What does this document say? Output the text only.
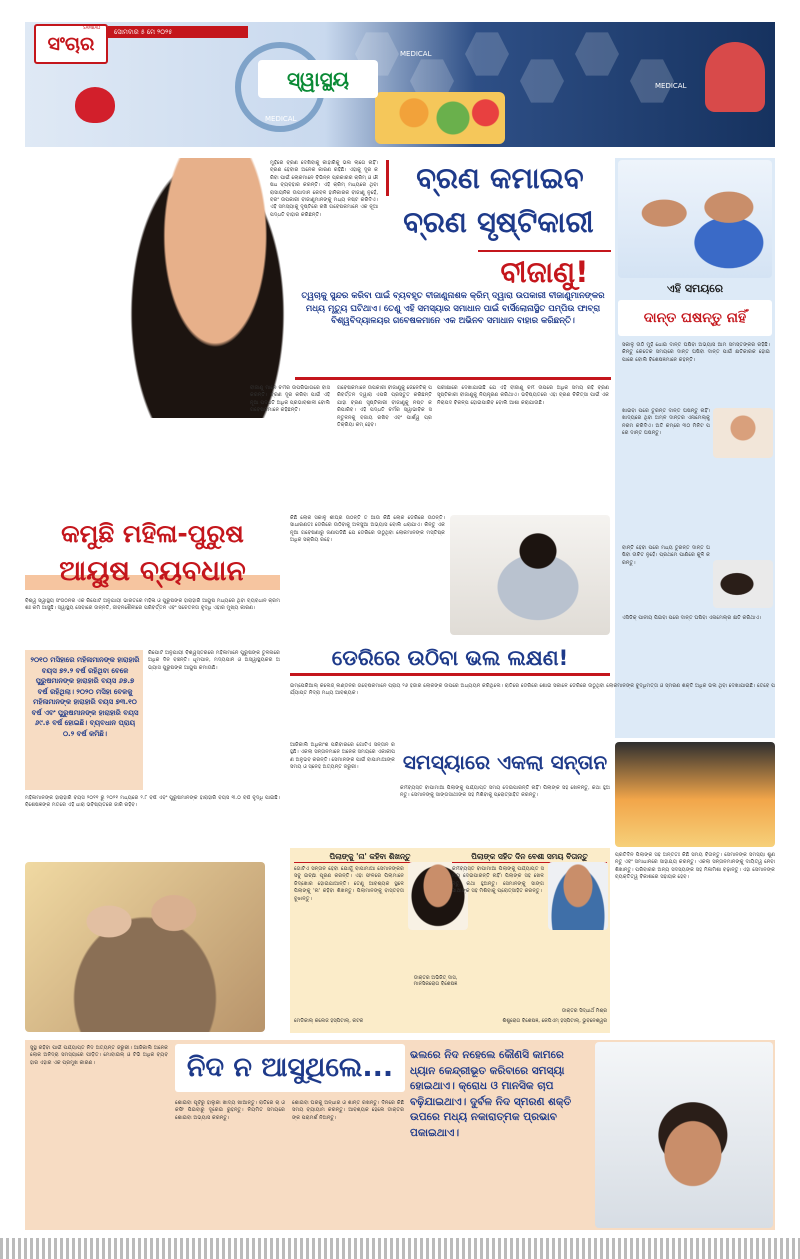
MEDICAL
MEDICAL
MEDICAL
ସଂଚାର
SAMBAD
ସୋମବାର ୫ ମେ ୨୦୨୫
ସ୍ୱାସ୍ଥ୍ୟ
ମୁହଁରେ ବ୍ରଣ ଦେଖିବାକୁ କାହାରିକୁ ଭଲ ଲାଗେ ନାହିଁ। ବ୍ରଣ ହେବାର ଅନେକ କାରଣ ରହିଛି। ଏହାକୁ ଦୂର କରିବା ପାଇଁ ଲୋକମାନେ ବିଭିନ୍ନ ପ୍ରକାରର କ୍ରିମ୍ ଓ ଔଷଧ ବ୍ୟବହାର କରନ୍ତି। ଏହି କ୍ରିମ୍ ମଧ୍ୟରେ ଥିବା ରାସାୟନିକ ଉପାଦାନ କେବଳ ହାନିକାରକ ବୀଜାଣୁ ନୁହେଁ, ବରଂ ଉପକାରୀ ବୀଜାଣୁମାନଙ୍କୁ ମଧ୍ୟ ନଷ୍ଟ କରିଦିଏ। ଏହି ସମସ୍ୟାକୁ ଦୃଷ୍ଟିରେ ରଖି ଗବେଷକମାନେ ଏକ ନୂଆ ପଦ୍ଧତି ବାହାର କରିଛନ୍ତି।
ବ୍ରଣ କମାଇବ
ବ୍ରଣ ସୃଷ୍ଟିକାରୀ
ବୀଜାଣୁ!
ତ୍ୱଚାକୁ ସୁନ୍ଦର କରିବା ପାଇଁ ବ୍ୟବହୃତ ବୀଜାଣୁନାଶକ କ୍ରିମ୍ ଦ୍ୱାରା ଉପକାରୀ ବୀଜାଣୁମାନଙ୍କର ମଧ୍ୟ ମୃତ୍ୟୁ ଘଟିଥାଏ। ତେଣୁ ଏହି ସମସ୍ୟାର ସମାଧାନ ପାଇଁ ବାର୍ସିଲୋନାସ୍ଥିତ ପମ୍ପିଉ ଫାବ୍ରା ବିଶ୍ୱବିଦ୍ୟାଳୟର ଗବେଷକମାନେ ଏକ ଅଭିନବ ସମାଧାନ ବାହାର କରିଛନ୍ତି।
ବୀଜାଣୁ ମାନେ ଚର୍ମର ଉପରିଭାଗରେ ବାସ କରନ୍ତି। ବ୍ରଣ ଦୂର କରିବା ପାଇଁ ଏହି ନୂଆ ପଦ୍ଧତି ଅଧିକ ପ୍ରଭାବଶାଳୀ ବୋଲି ଗବେଷକମାନେ କହିଛନ୍ତି।
ଗବେଷକମାନେ ଉପକାରୀ ବୀଜାଣୁକୁ ଜେନେଟିକ୍ ପରିବର୍ତ୍ତନ ଦ୍ୱାରା ଏପରି ପ୍ରସ୍ତୁତ କରିଛନ୍ତି ଯାହା ବ୍ରଣ ସୃଷ୍ଟିକାରୀ ବୀଜାଣୁକୁ ନଷ୍ଟ କରିପାରିବ। ଏହି ପଦ୍ଧତି ଚର୍ମର ସ୍ୱାଭାବିକ ସନ୍ତୁଳନକୁ ବଜାୟ ରଖିବ ଏବଂ ପାର୍ଶ୍ୱ ପ୍ରତିକ୍ରିୟା କମ୍ ହେବ।
ପରୀକ୍ଷାରେ ଦେଖାଯାଇଛି ଯେ ଏହି ବୀଜାଣୁ ଚର୍ମ ଉପରେ ଅଧିକ ସମୟ ରହି ବ୍ରଣ ସୃଷ୍ଟିକାରୀ ବୀଜାଣୁକୁ ନିୟନ୍ତ୍ରଣ କରିଥାଏ। ଭବିଷ୍ୟତରେ ଏହା ବ୍ରଣ ଚିକିତ୍ସା ପାଇଁ ଏକ ନିରାପଦ ବିକଳ୍ପ ହୋଇପାରିବ ବୋଲି ଆଶା କରାଯାଉଛି।
ଏହି ସମୟରେ
ଦାନ୍ତ ଘଷନ୍ତୁ ନାହିଁ
ସକାଳୁ ଉଠି ମୁହଁ ଧୋଇ ଦାନ୍ତ ଘଷିବା ଅଭ୍ୟାସ ଆମ ସମସ୍ତଙ୍କର ରହିଛି। କିନ୍ତୁ କେତେକ ସମୟରେ ଦାନ୍ତ ଘଷିବା ଦାନ୍ତ ପାଇଁ କ୍ଷତିକାରକ ହୋଇପାରେ ବୋଲି ବିଶେଷଜ୍ଞମାନେ କହନ୍ତି।
ଖାଇବା ପରେ ତୁରନ୍ତ ଦାନ୍ତ ଘଷନ୍ତୁ ନାହିଁ। ଖାଦ୍ୟରେ ଥିବା ଅମ୍ଳ ଦାନ୍ତର ଏନାମେଲ୍‌କୁ ନରମ କରିଦିଏ। ଅତି କମ୍‌ରେ ୩୦ ମିନିଟ ପରେ ଦାନ୍ତ ଘଷନ୍ତୁ।
ବାନ୍ତି ହେବା ପରେ ମଧ୍ୟ ତୁରନ୍ତ ଦାନ୍ତ ଘଷିବା ଉଚିତ ନୁହେଁ। ପ୍ରଥମେ ପାଣିରେ କୁଳି କରନ୍ତୁ।
ଏସିଡିକ୍ ପାନୀୟ ପିଇବା ପରେ ଦାନ୍ତ ଘଷିବା ଏନାମେଲ୍‌ର କ୍ଷତି କରିଥାଏ।
କମୁଛି ମହିଳା-ପୁରୁଷ
ଆୟୁଷ ବ୍ୟବଧାନ
ବିଶ୍ୱ ସ୍ୱାସ୍ଥ୍ୟ ସଂଗଠନର ଏକ ରିପୋର୍ଟ ଅନୁଯାୟୀ ଭାରତରେ ମହିଳା ଓ ପୁରୁଷଙ୍କ ହାରାହାରି ଆୟୁଷ ମଧ୍ୟରେ ଥିବା ବ୍ୟବଧାନ କ୍ରମଶଃ କମି ଆସୁଛି। ସ୍ୱାସ୍ଥ୍ୟ ସେବାରେ ଉନ୍ନତି, ଜୀବନଶୈଳୀରେ ପରିବର୍ତ୍ତନ ଏବଂ ସଚେତନତା ବୃଦ୍ଧି ଏହାର ମୁଖ୍ୟ କାରଣ।
୨୦୧୦ ମସିହାରେ ମହିଳାମାନଙ୍କ ହାରାହାରି ବୟସ ୭୨.୨ ବର୍ଷ ରହିଥିବା ବେଳେ ପୁରୁଷମାନଙ୍କ ହାରାହାରି ବୟସ ୬୭.୭ ବର୍ଷ ରହିଥିଲା। ୨୦୨୦ ମସିହା ବେଳକୁ ମହିଳାମାନଙ୍କ ହାରାହାରି ବୟସ ୭୩.୧୦ ବର୍ଷ ଏବଂ ପୁରୁଷମାନଙ୍କ ହାରାହାରି ବୟସ ୬୯.୫ ବର୍ଷ ହୋଇଛି। ବ୍ୟବଧାନ ପ୍ରାୟ ୦.୨ ବର୍ଷ କମିଛି।
ରିପୋର୍ଟ ଅନୁଯାୟୀ ବିଶ୍ୱସ୍ତରରେ ମହିଳାମାନେ ପୁରୁଷଙ୍କ ତୁଳନାରେ ଅଧିକ ଦିନ ବଞ୍ଚନ୍ତି। ଧୂମପାନ, ମଦ୍ୟପାନ ଓ ଅସ୍ୱାସ୍ଥ୍ୟକର ଅଭ୍ୟାସ ପୁରୁଷଙ୍କ ଆୟୁଷ କମାଉଛି।
ମହିଳାମାନଙ୍କ ହାରାହାରି ବୟସ ୨୦୧୧ ରୁ ୨୦୨୧ ମଧ୍ୟରେ ୨.୮ ବର୍ଷ ଏବଂ ପୁରୁଷମାନଙ୍କ ହାରାହାରି ବୟସ ୩.୦ ବର୍ଷ ବୃଦ୍ଧି ପାଇଛି। ବିଶେଷଜ୍ଞଙ୍କ ମତରେ ଏହି ଧାରା ଭବିଷ୍ୟତରେ ଜାରି ରହିବ।
କିଛି ଲୋକ ସକାଳୁ ଶୀଘ୍ର ଉଠନ୍ତି ତ ଆଉ କିଛି ଲୋକ ଡେରିରେ ଉଠନ୍ତି। ସାଧାରଣତଃ ଡେରିରେ ଉଠିବାକୁ ଅଳସୁଆ ଅଭ୍ୟାସ ବୋଲି ଧରାଯାଏ। କିନ୍ତୁ ଏକ ନୂଆ ଗବେଷଣାରୁ ଜଣାପଡିଛି ଯେ ଡେରିରେ ଉଠୁଥିବା ଲୋକମାନଙ୍କ ମସ୍ତିଷ୍କ ଅଧିକ ସକ୍ରିୟ ରହେ।
ଡେରିରେ ଉଠିବା ଭଲ ଲକ୍ଷଣ!
ଇମ୍ପେରିଆଲ୍ କଲେଜ୍ ଲଣ୍ଡନର ଗବେଷକମାନେ ପ୍ରାୟ ୨୬ ହଜାର ଲୋକଙ୍କ ଉପରେ ଅଧ୍ୟୟନ କରିଥିଲେ। ରାତିରେ ଡେରିରେ ଶୋଇ ସକାଳେ ଡେରିରେ ଉଠୁଥିବା ଲୋକମାନଙ୍କ ବୁଦ୍ଧିମତ୍ତା ଓ ସ୍ମରଣ ଶକ୍ତି ଅଧିକ ଭଲ ଥିବା ଦେଖାଯାଇଛି। ତେବେ ପର୍ଯ୍ୟାପ୍ତ ନିଦ୍ରା ମଧ୍ୟ ଆବଶ୍ୟକ।
ଆଜିକାଲି ଅଧିକାଂଶ ପରିବାରରେ ଗୋଟିଏ ସନ୍ତାନ ରହୁଛି। ଏକଲା ସନ୍ତାନମାନେ ଅନେକ ସମୟରେ ଏକାକୀପଣ ଅନୁଭବ କରନ୍ତି। ସେମାନଙ୍କ ପାଇଁ ବାପାମାଆଙ୍କ ସମୟ ଓ ସ୍ନେହ ଅତ୍ୟନ୍ତ ଜରୁରୀ।	ସମସ୍ୟାରେ ଏକଲା ସନ୍ତାନ
କର୍ମବ୍ୟସ୍ତ ବାପାମାଆ ପିଲାଙ୍କୁ ପର୍ଯ୍ୟାପ୍ତ ସମୟ ଦେଇପାରନ୍ତି ନାହିଁ। ପିଲାଙ୍କ ସହ ଖେଳନ୍ତୁ, କଥା ହୁଅନ୍ତୁ। ସେମାନଙ୍କୁ ସାଙ୍ଗସାଥୀଙ୍କ ସହ ମିଶିବାକୁ ପ୍ରୋତ୍ସାହିତ କରନ୍ତୁ।
ପିଲାଙ୍କୁ 'ନା' କହିବା ଶିଖନ୍ତୁ
ଗୋଟିଏ ସନ୍ତାନ ହେବା ଯୋଗୁଁ ବାପାମାଆ ସେମାନଙ୍କର ସବୁ ଇଚ୍ଛା ପୂରଣ କରନ୍ତି। ଏହା ଫଳରେ ପିଲାମାନେ ଜିଦ୍‌ଖୋର ହୋଇଯାଆନ୍ତି। ତେଣୁ ଆବଶ୍ୟକ ସ୍ଥଳେ ପିଲାଙ୍କୁ 'ନା' କହିବା ଶିଖନ୍ତୁ। ପିଲାମାନଙ୍କୁ ବାସ୍ତବତା ବୁଝାନ୍ତୁ।
ଡାକ୍ତର ଅଭିଜିତ୍ ଦାସ, ମାନସିକରୋଗ ବିଶେଷଜ୍ଞ
ମେଡିକାଲ୍ କଲେଜ ହସ୍ପିଟାଲ୍, କଟକ
ପିଲାଙ୍କ ସହିତ ଦିନ ବେଶୀ ସମୟ ବିତାନ୍ତୁ
କର୍ମବ୍ୟସ୍ତ ବାପାମାଆ ପିଲାଙ୍କୁ ପର୍ଯ୍ୟାପ୍ତ ସମୟ ଦେଇପାରନ୍ତି ନାହିଁ। ପିଲାଙ୍କ ସହ ଖେଳନ୍ତୁ, କଥା ହୁଅନ୍ତୁ। ସେମାନଙ୍କୁ ସାଙ୍ଗସାଥୀଙ୍କ ସହ ମିଶିବାକୁ ପ୍ରୋତ୍ସାହିତ କରନ୍ତୁ।
ଡାକ୍ତର ସିଦ୍ଧାର୍ଥ ମିଶ୍ର
ଶିଶୁରୋଗ ବିଶେଷଜ୍ଞ, କେପିଏମ୍ ହସ୍ପିଟାଲ୍, ଭୁବନେଶ୍ୱର
ପ୍ରତିଦିନ ପିଲାଙ୍କ ସହ ଅନ୍ତତଃ କିଛି ସମୟ ବିତାନ୍ତୁ। ସେମାନଙ୍କ ସମସ୍ୟା ଶୁଣନ୍ତୁ ଏବଂ ସମାଧାନରେ ସାହାଯ୍ୟ କରନ୍ତୁ। ଏକଲା ସନ୍ତାନମାନଙ୍କୁ ଦାୟିତ୍ୱ ନେବା ଶିଖାନ୍ତୁ। ପରିବାରର ଅନ୍ୟ ସଦସ୍ୟଙ୍କ ସହ ମିଳାମିଶା ବଢ଼ାନ୍ତୁ। ଏହା ସେମାନଙ୍କ ବ୍ୟକ୍ତିତ୍ୱ ବିକାଶରେ ସହାୟକ ହେବ।
ସୁସ୍ଥ ରହିବା ପାଇଁ ପର୍ଯ୍ୟାପ୍ତ ନିଦ ଅତ୍ୟନ୍ତ ଜରୁରୀ। ଆଜିକାଲି ଅନେକ ଲୋକ ଅନିଦ୍ରା ସମସ୍ୟାରେ ପୀଡ଼ିତ। ମୋବାଇଲ୍ ଓ ଟିଭି ଅଧିକ ବ୍ୟବହାର ଏହାର ଏକ ପ୍ରମୁଖ କାରଣ।	ନିଦ ନ ଆସୁଥିଲେ...	ଭଲରେ ନିଦ ନହେଲେ କୌଣସି କାମରେ ଧ୍ୟାନ କେନ୍ଦ୍ରୀଭୂତ କରିବାରେ ସମସ୍ୟା ହୋଇଥାଏ। କ୍ରୋଧ ଓ ମାନସିକ ଚାପ ବଢ଼ିଯାଇଥାଏ। ଦୁର୍ବଳ ନିଦ ସ୍ମରଣ ଶକ୍ତି ଉପରେ ମଧ୍ୟ ନକାରାତ୍ମକ ପ୍ରଭାବ ପକାଇଥାଏ।
ଶୋଇବା ପୂର୍ବରୁ ହାଲୁକା ଖାଦ୍ୟ ଖାଆନ୍ତୁ। ରାତିରେ ଚା ଓ କଫି ପିଇବାରୁ ଦୂରେଇ ରୁହନ୍ତୁ। ନିୟମିତ ସମୟରେ ଶୋଇବା ଅଭ୍ୟାସ କରନ୍ତୁ।
ଶୋଇବା ଘରକୁ ଅନ୍ଧାର ଓ ଶାନ୍ତ ରଖନ୍ତୁ। ଦିନରେ କିଛି ସମୟ ବ୍ୟାୟାମ କରନ୍ତୁ। ଆବଶ୍ୟକ ହେଲେ ଡାକ୍ତରଙ୍କ ପରାମର୍ଶ ନିଅନ୍ତୁ।
